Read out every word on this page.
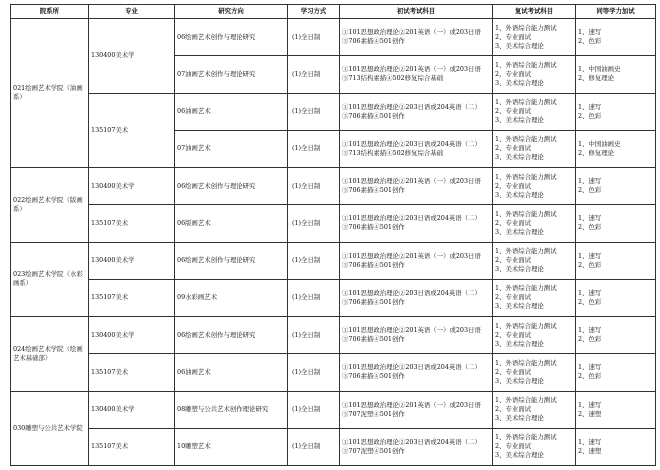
院系所	专业	研究方向	学习方式	初试考试科目	复试考试科目	同等学力加试
021绘画艺术学院（油画系）	130400美术学	06绘画艺术创作与理论研究	(1)全日制	①101思想政治理论②201英语（一）或203日语
③706素描④501创作	1、外语综合能力测试
2、专业面试
3、美术综合理论	1、速写
2、色彩

		07油画艺术创作与理论研究	(1)全日制	①101思想政治理论②201英语（一）或203日语
③713结构素描④502修复综合基础	1、外语综合能力测试
2、专业面试
3、美术综合理论	1、中国油画史
2、修复理论

	135107美术	06油画艺术	(1)全日制	①101思想政治理论②203日语或204英语（二）
③706素描④501创作	1、外语综合能力测试
2、专业面试
3、美术综合理论	1、速写
2、色彩

		07油画艺术	(1)全日制	①101思想政治理论②203日语或204英语（二）
③713结构素描④502修复综合基础	1、外语综合能力测试
2、专业面试
3、美术综合理论	1、中国油画史
2、修复理论

022绘画艺术学院（版画系）	130400美术学	06绘画艺术创作与理论研究	(1)全日制	①101思想政治理论②201英语（一）或203日语
③706素描④501创作	1、外语综合能力测试
2、专业面试
3、美术综合理论	1、速写
2、色彩

	135107美术	06版画艺术	(1)全日制	①101思想政治理论②203日语或204英语（二）
③706素描④501创作	1、外语综合能力测试
2、专业面试
3、美术综合理论	1、速写
2、色彩

023绘画艺术学院（水彩画系）	130400美术学	06绘画艺术创作与理论研究	(1)全日制	①101思想政治理论②201英语（一）或203日语
③706素描④501创作	1、外语综合能力测试
2、专业面试
3、美术综合理论	1、速写
2、色彩

	135107美术	09水彩画艺术	(1)全日制	①101思想政治理论②203日语或204英语（二）
③706素描④501创作	1、外语综合能力测试
2、专业面试
3、美术综合理论	1、速写
2、色彩

024绘画艺术学院（绘画艺术基础部）	130400美术学	06绘画艺术创作与理论研究	(1)全日制	①101思想政治理论②201英语（一）或203日语
③706素描④501创作	1、外语综合能力测试
2、专业面试
3、美术综合理论	1、速写
2、色彩

	135107美术	06油画艺术	(1)全日制	①101思想政治理论②203日语或204英语（二）
③706素描④501创作	1、外语综合能力测试
2、专业面试
3、美术综合理论	1、速写
2、色彩

030雕塑与公共艺术学院	130400美术学	08雕塑与公共艺术创作理论研究	(1)全日制	①101思想政治理论②201英语（一）或203日语
③707泥塑④501创作	1、外语综合能力测试
2、专业面试
3、美术综合理论	1、速写
2、速塑

	135107美术	10雕塑艺术	(1)全日制	①101思想政治理论②203日语或204英语（二）
③707泥塑④501创作	1、外语综合能力测试
2、专业面试
3、美术综合理论	1、速写
2、速塑
